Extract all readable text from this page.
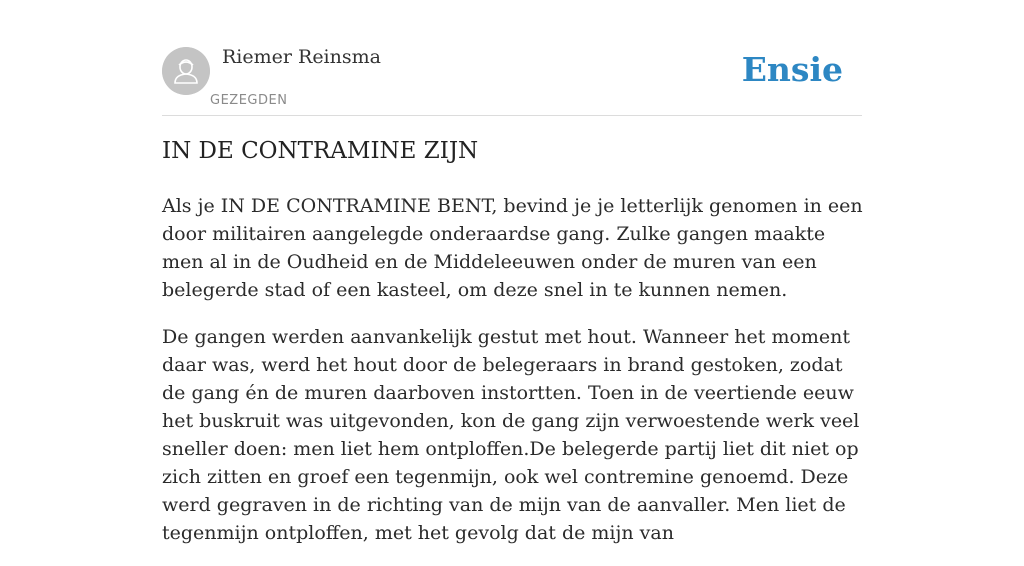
Riemer Reinsma
GEZEGDEN
Ensie
IN DE CONTRAMINE ZIJN

Als je IN DE CONTRAMINE BENT, bevind je je letterlijk genomen in een door militairen aangelegde onderaardse gang. Zulke gangen maakte men al in de Oudheid en de Middeleeuwen onder de muren van een belegerde stad of een kasteel, om deze snel in te kunnen nemen.

De gangen werden aanvankelijk gestut met hout. Wanneer het moment daar was, werd het hout door de belegeraars in brand gestoken, zodat de gang én de muren daarboven instortten. Toen in de veertiende eeuw het buskruit was uitgevonden, kon de gang zijn verwoestende werk veel sneller doen: men liet hem ontploffen.De belegerde partij liet dit niet op zich zitten en groef een tegenmijn, ook wel contremine genoemd. Deze werd gegraven in de richting van de mijn van de aanvaller. Men liet de tegenmijn ontploffen, met het gevolg dat de mijn van
